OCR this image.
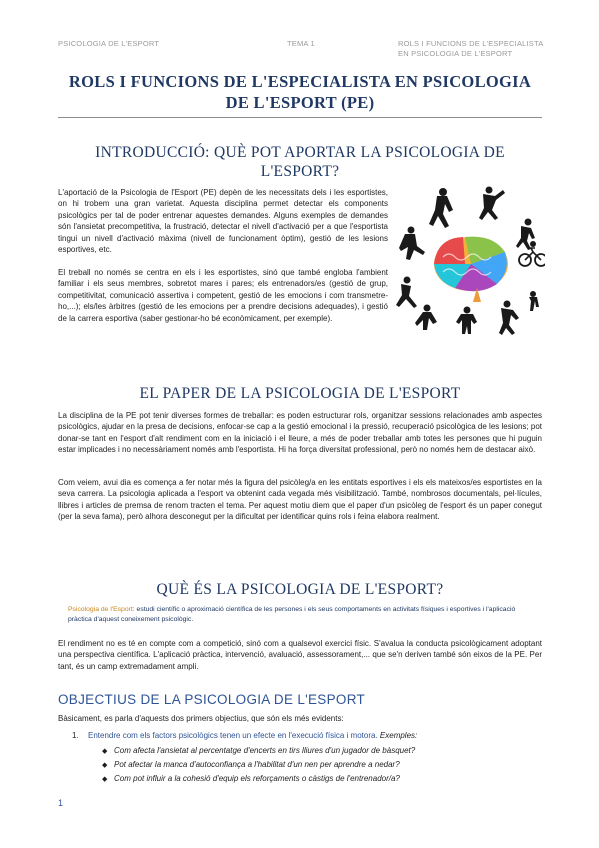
PSICOLOGIA DE L'ESPORT	TEMA 1	ROLS I FUNCIONS DE L'ESPECIALISTA EN PSICOLOGIA DE L'ESPORT
ROLS I FUNCIONS DE L'ESPECIALISTA EN PSICOLOGIA DE L'ESPORT (PE)
INTRODUCCIÓ: QUÈ POT APORTAR LA PSICOLOGIA DE L'ESPORT?
L'aportació de la Psicologia de l'Esport (PE) depèn de les necessitats dels i les esportistes, on hi trobem una gran varietat. Aquesta disciplina permet detectar els components psicològics per tal de poder entrenar aquestes demandes. Alguns exemples de demandes són l'ansietat precompetitiva, la frustració, detectar el nivell d'activació per a que l'esportista tingui un nivell d'activació màxima (nivell de funcionament òptim), gestió de les lesions esportives, etc.
El treball no només se centra en els i les esportistes, sinó que també engloba l'ambient familiar i els seus membres, sobretot mares i pares; els entrenadors/es (gestió de grup, competitivitat, comunicació assertiva i competent, gestió de les emocions i com transmetre-ho,...); els/les àrbitres (gestió de les emocions per a prendre decisions adequades), i gestió de la carrera esportiva (saber gestionar-ho bé econòmicament, per exemple).
EL PAPER DE LA PSICOLOGIA DE L'ESPORT
La disciplina de la PE pot tenir diverses formes de treballar: es poden estructurar rols, organitzar sessions relacionades amb aspectes psicològics, ajudar en la presa de decisions, enfocar-se cap a la gestió emocional i la pressió, recuperació psicològica de les lesions; pot donar-se tant en l'esport d'alt rendiment com en la iniciació i el lleure, a més de poder treballar amb totes les persones que hi puguin estar implicades i no necessàriament només amb l'esportista. Hi ha força diversitat professional, però no només hem de destacar això.
Com veiem, avui dia es comença a fer notar més la figura del psicòleg/a en les entitats esportives i els els mateixos/es esportistes en la seva carrera. La psicologia aplicada a l'esport va obtenint cada vegada més visibilització. També, nombrosos documentals, pel·lícules, llibres i articles de premsa de renom tracten el tema. Per aquest motiu diem que el paper d'un psicòleg de l'esport és un paper conegut (per la seva fama), però alhora desconegut per la dificultat per identificar quins rols i feina elabora realment.
QUÈ ÉS LA PSICOLOGIA DE L'ESPORT?
Psicologia de l'Esport: estudi científic o aproximació científica de les persones i els seus comportaments en activitats físiques i esportives i l'aplicació pràctica d'aquest coneixement psicològic.
El rendiment no es té en compte com a competició, sinó com a qualsevol exercici físic. S'avalua la conducta psicològicament adoptant una perspectiva científica. L'aplicació pràctica, intervenció, avaluació, assessorament,... que se'n deriven també són eixos de la PE. Per tant, és un camp extremadament ampli.
OBJECTIUS DE LA PSICOLOGIA DE L'ESPORT
Bàsicament, es parla d'aquests dos primers objectius, que són els més evidents:
1. Entendre com els factors psicològics tenen un efecte en l'execució física i motora. Exemples:
◆ Com afecta l'ansietat al percentatge d'encerts en tirs lliures d'un jugador de bàsquet?
◆ Pot afectar la manca d'autoconfiança a l'habilitat d'un nen per aprendre a nedar?
◆ Com pot influir a la cohesió d'equip els reforçaments o càstigs de l'entrenador/a?
1
